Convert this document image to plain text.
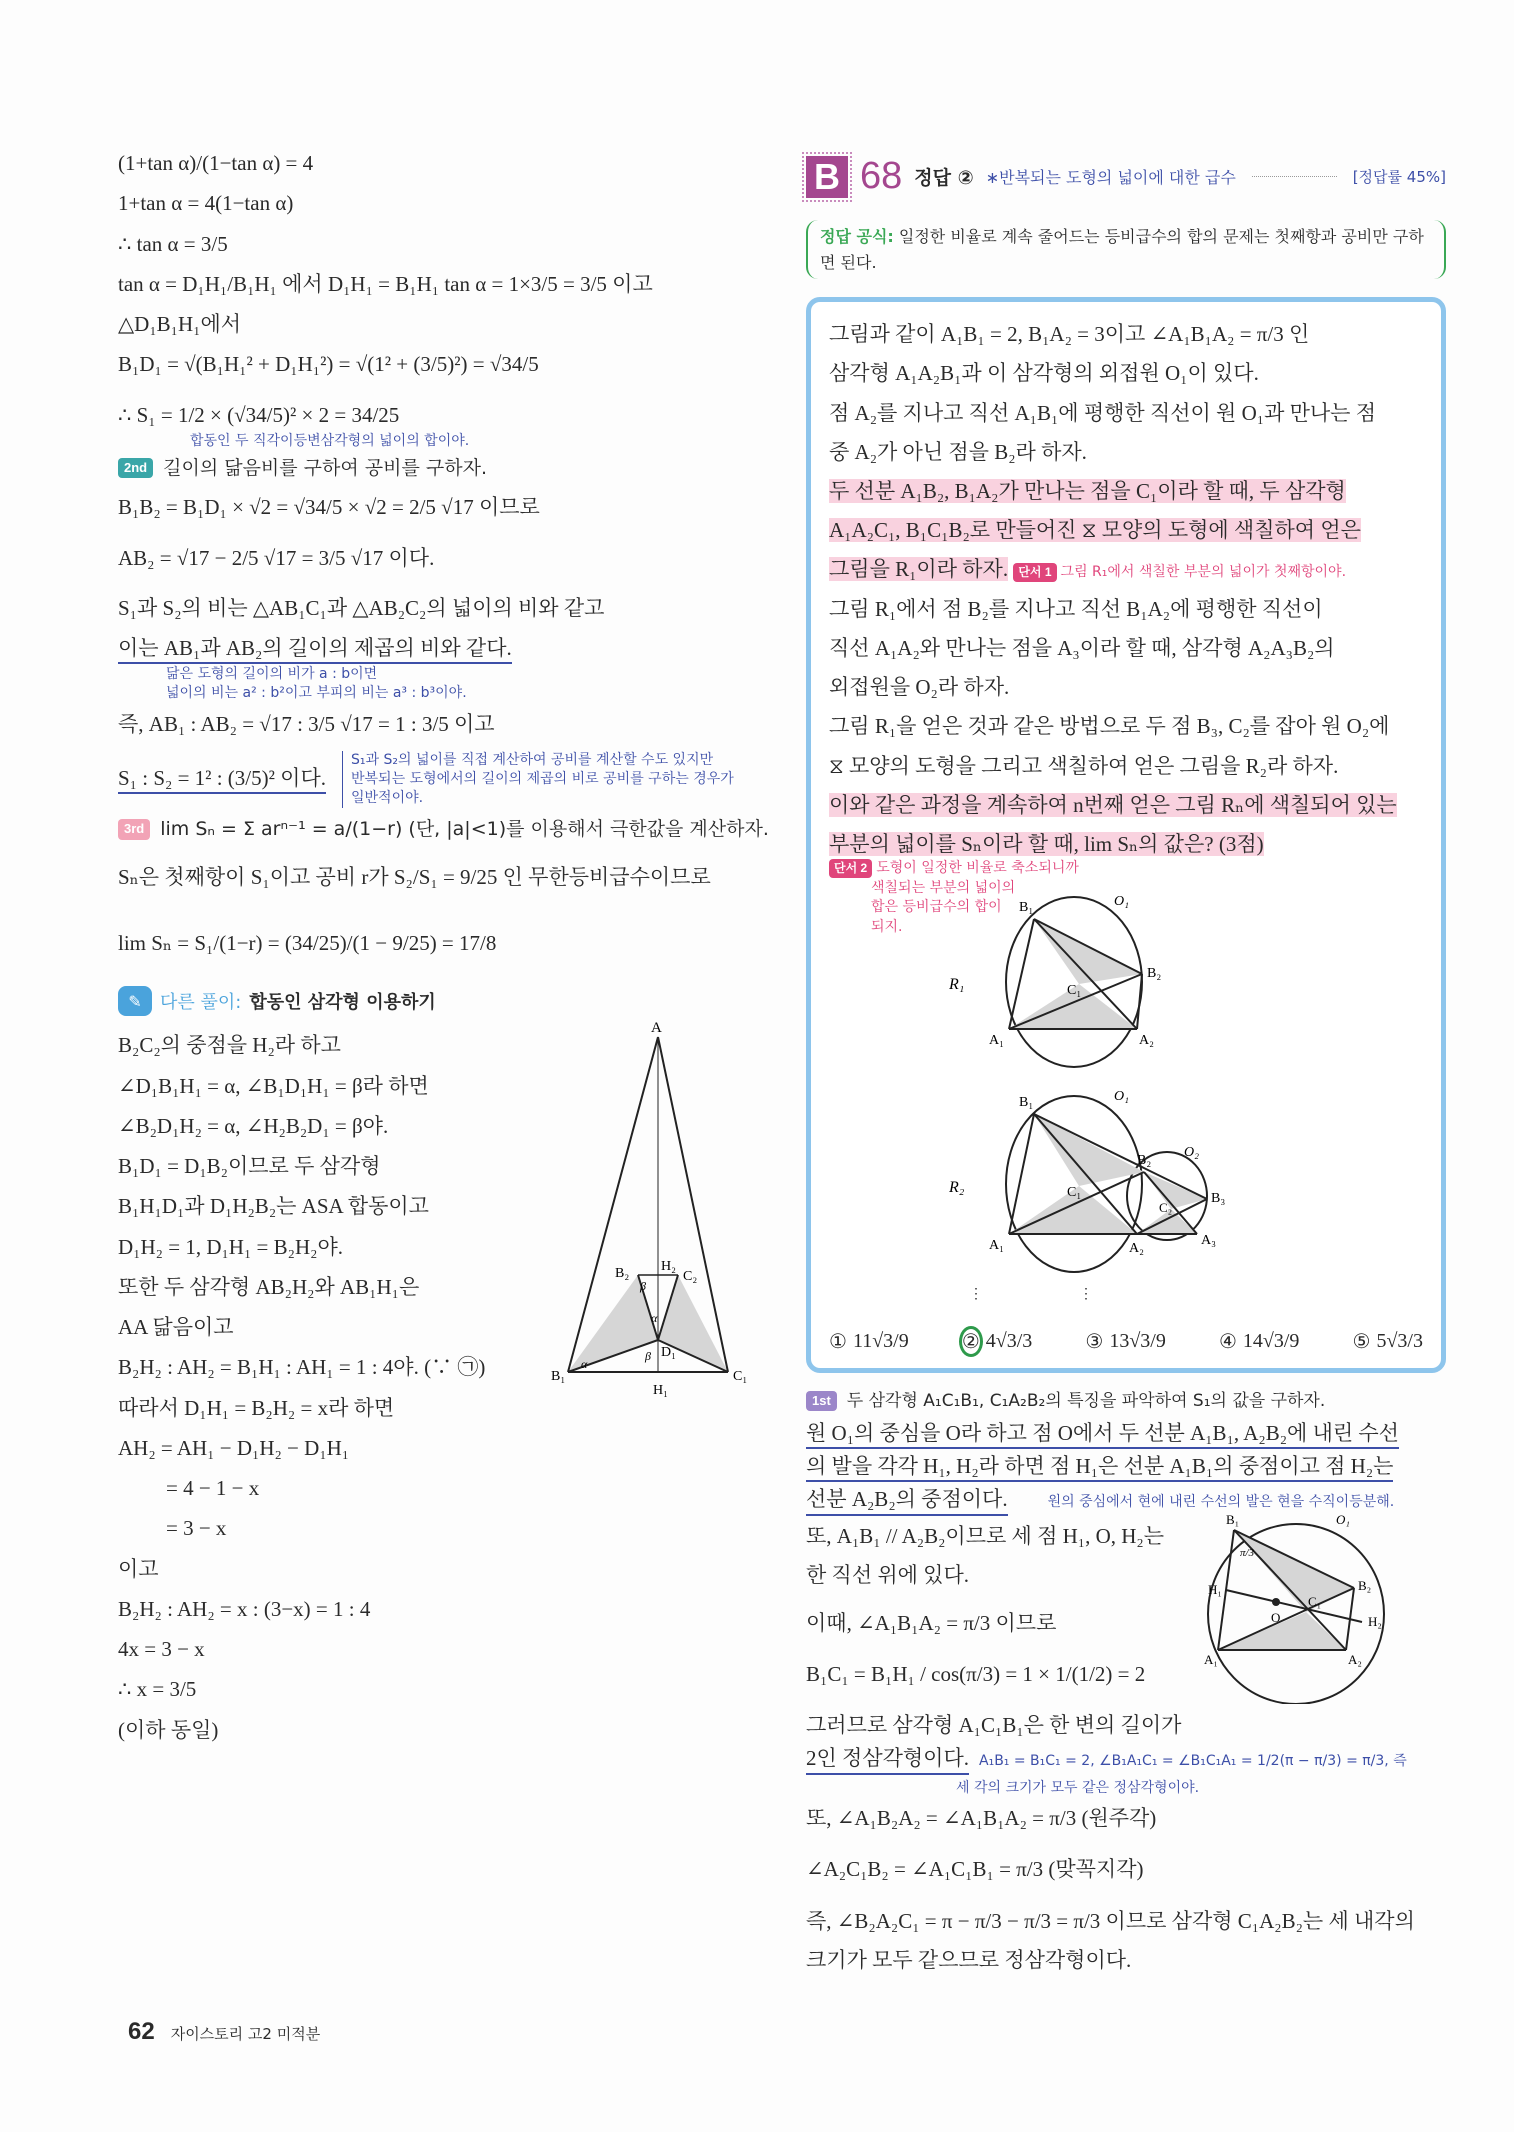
(1+tan α)/(1−tan α) = 4
1+tan α = 4(1−tan α)
∴ tan α = 3/5
tan α = D₁H₁/B₁H₁ 에서 D₁H₁ = B₁H₁ tan α = 1×3/5 = 3/5 이고
△D₁B₁H₁에서
B₁D₁ = √(B₁H₁² + D₁H₁²) = √(1² + (3/5)²) = √34/5
∴ S₁ = 1/2 × (√34/5)² × 2 = 34/25
합동인 두 직각이등변삼각형의 넓이의 합이야.
2nd 길이의 닮음비를 구하여 공비를 구하자.
B₁B₂ = B₁D₁ × √2 = √34/5 × √2 = 2/5 √17 이므로
AB₂ = √17 − 2/5 √17 = 3/5 √17 이다.
S₁과 S₂의 비는 △AB₁C₁과 △AB₂C₂의 넓이의 비와 같고
이는 AB₁과 AB₂의 길이의 제곱의 비와 같다.
닮은 도형의 길이의 비가 a : b이면
넓이의 비는 a² : b²이고 부피의 비는 a³ : b³이야.
즉, AB₁ : AB₂ = √17 : 3/5 √17 = 1 : 3/5 이고
S₁ : S₂ = 1² : (3/5)² 이다.
S₁과 S₂의 넓이를 직접 계산하여 공비를 계산할 수도 있지만
반복되는 도형에서의 길이의 제곱의 비로 공비를 구하는 경우가
일반적이야.
3rd lim Sₙ = Σ arⁿ⁻¹ = a/(1−r) (단, |a|<1)를 이용해서 극한값을 계산하자.
Sₙ은 첫째항이 S₁이고 공비 r가 S₂/S₁ = 9/25 인 무한등비급수이므로
lim Sₙ = S₁/(1−r) = (34/25)/(1 − 9/25) = 17/8
✎	다른 풀이: 합동인 삼각형 이용하기
B₂C₂의 중점을 H₂라 하고
∠D₁B₁H₁ = α, ∠B₁D₁H₁ = β라 하면
∠B₂D₁H₂ = α, ∠H₂B₂D₁ = β야.
B₁D₁ = D₁B₂이므로 두 삼각형
B₁H₁D₁과 D₁H₂B₂는 ASA 합동이고
D₁H₂ = 1, D₁H₁ = B₂H₂야.
또한 두 삼각형 AB₂H₂와 AB₁H₁은
AA 닮음이고
B₂H₂ : AH₂ = B₁H₁ : AH₁ = 1 : 4야. (∵ ㉠)
따라서 D₁H₁ = B₂H₂ = x라 하면
AH₂ = AH₁ − D₁H₂ − D₁H₁
= 4 − 1 − x
= 3 − x
이고
B₂H₂ : AH₂ = x : (3−x) = 1 : 4
4x = 3 − x
∴ x = 3/5
(이하 동일)
A
B₂ H₂
C₂
β
α
β D₁
α
B₁
H₁
C₁
B 68 정답 ② ∗반복되는 도형의 넓이에 대한 급수	[정답률 45%]
정답 공식: 일정한 비율로 계속 줄어드는 등비급수의 합의 문제는 첫째항과 공비만 구하면 된다.
그림과 같이 A₁B₁ = 2, B₁A₂ = 3이고 ∠A₁B₁A₂ = π/3 인
삼각형 A₁A₂B₁과 이 삼각형의 외접원 O₁이 있다.
점 A₂를 지나고 직선 A₁B₁에 평행한 직선이 원 O₁과 만나는 점
중 A₂가 아닌 점을 B₂라 하자.
두 선분 A₁B₂, B₁A₂가 만나는 점을 C₁이라 할 때, 두 삼각형
A₁A₂C₁, B₁C₁B₂로 만들어진 ⧖ 모양의 도형에 색칠하여 얻은
그림을 R₁이라 하자. 단서 1 그림 R₁에서 색칠한 부분의 넓이가 첫째항이야.
그림 R₁에서 점 B₂를 지나고 직선 B₁A₂에 평행한 직선이
직선 A₁A₂와 만나는 점을 A₃이라 할 때, 삼각형 A₂A₃B₂의
외접원을 O₂라 하자.
그림 R₁을 얻은 것과 같은 방법으로 두 점 B₃, C₂를 잡아 원 O₂에
⧖ 모양의 도형을 그리고 색칠하여 얻은 그림을 R₂라 하자.
이와 같은 과정을 계속하여 n번째 얻은 그림 Rₙ에 색칠되어 있는
부분의 넓이를 Sₙ이라 할 때, lim Sₙ의 값은? (3점)
단서 2 도형이 일정한 비율로 축소되니까
색칠되는 부분의 넓이의
합은 등비급수의 합이
되지.
R₁
B₁	O₁
B₂
C₁
A₁	A₂
R₂
B₁	O₁
B₂
O₂
B₃
C₁
C₂
A₁	A₂
A₃
⋮	⋮
① 11√3/9	② 4√3/3	③ 13√3/9	④ 14√3/9	⑤ 5√3/3
1st 두 삼각형 A₁C₁B₁, C₁A₂B₂의 특징을 파악하여 S₁의 값을 구하자.
원 O₁의 중심을 O라 하고 점 O에서 두 선분 A₁B₁, A₂B₂에 내린 수선
의 발을 각각 H₁, H₂라 하면 점 H₁은 선분 A₁B₁의 중점이고 점 H₂는
선분 A₂B₂의 중점이다.	원의 중심에서 현에 내린 수선의 발은 현을 수직이등분해.
또, A₁B₁ // A₂B₂이므로 세 점 H₁, O, H₂는
한 직선 위에 있다.
이때, ∠A₁B₁A₂ = π/3 이므로
B₁C₁ = B₁H₁ / cos(π/3) = 1 × 1/(1/2) = 2
그러므로 삼각형 A₁C₁B₁은 한 변의 길이가
2인 정삼각형이다. A₁B₁ = B₁C₁ = 2, ∠B₁A₁C₁ = ∠B₁C₁A₁ = 1/2(π − π/3) = π/3, 즉
세 각의 크기가 모두 같은 정삼각형이야.
B₁	O₁
B₂
C₁
O
H₁
H₂
A₁	A₂
π/3
또, ∠A₁B₂A₂ = ∠A₁B₁A₂ = π/3 (원주각)
∠A₂C₁B₂ = ∠A₁C₁B₁ = π/3 (맞꼭지각)
즉, ∠B₂A₂C₁ = π − π/3 − π/3 = π/3 이므로 삼각형 C₁A₂B₂는 세 내각의
크기가 모두 같으므로 정삼각형이다.
62 자이스토리 고2 미적분
